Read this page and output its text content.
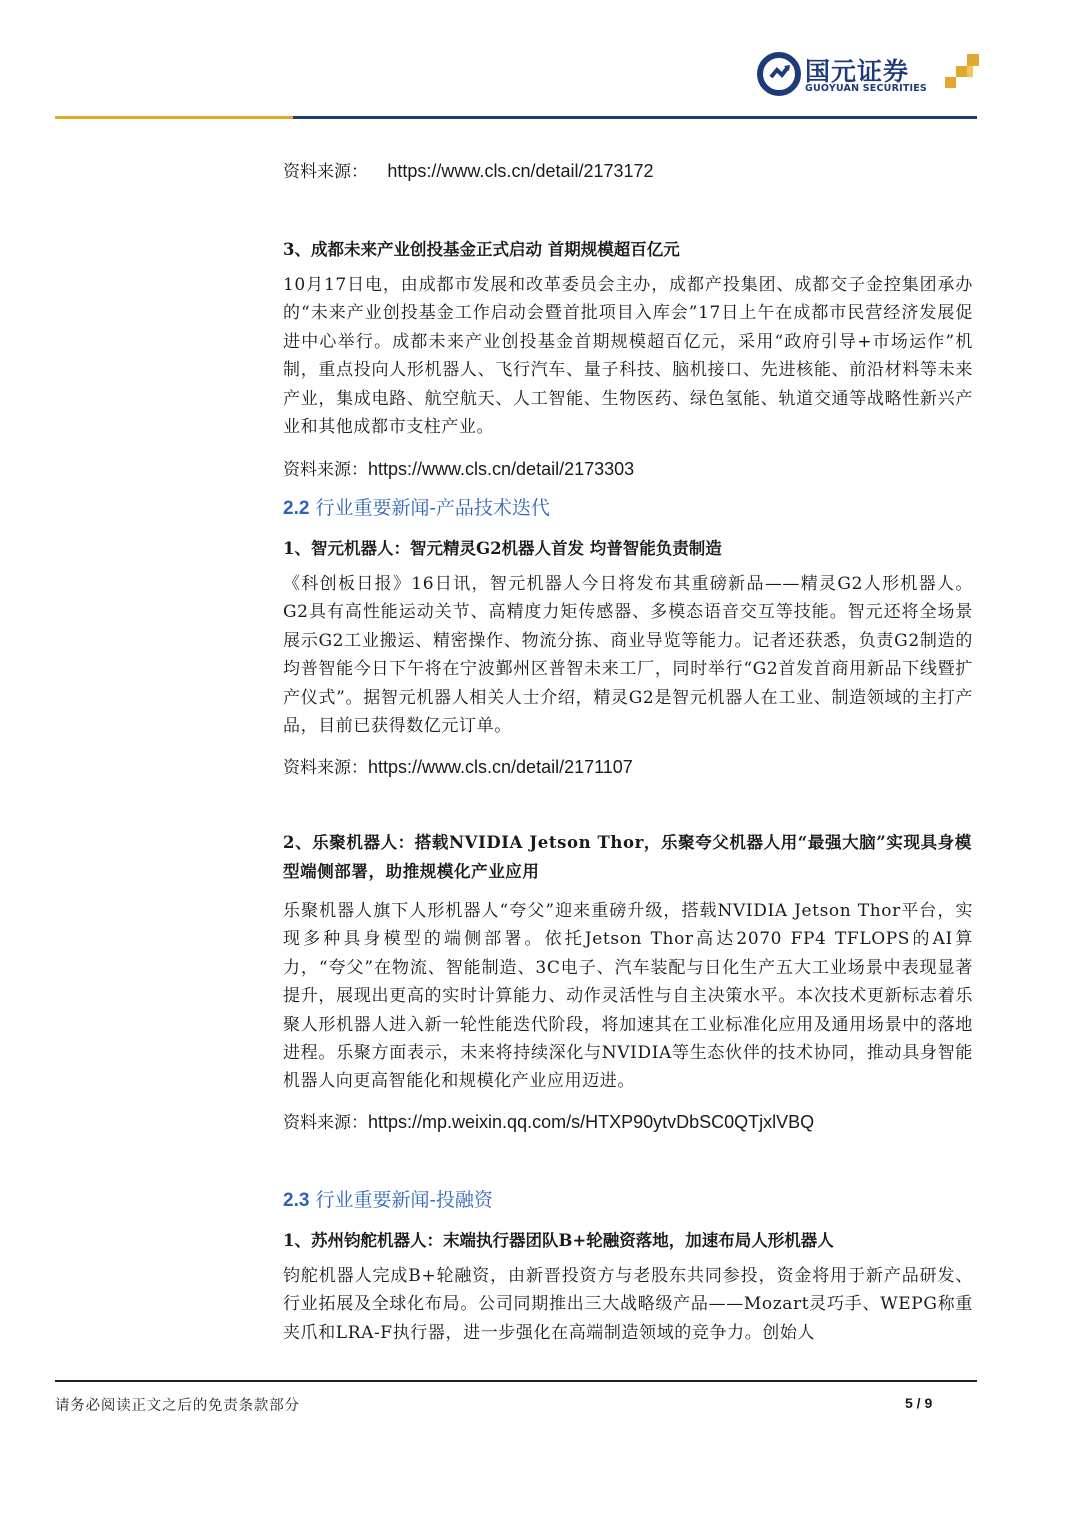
国元证券
GUOYUAN SECURITIES
资料来源： https://www.cls.cn/detail/2173172
3、成都未来产业创投基金正式启动 首期规模超百亿元
10月17日电，由成都市发展和改革委员会主办，成都产投集团、成都交子金控集团承办的“未来产业创投基金工作启动会暨首批项目入库会”17日上午在成都市民营经济发展促进中心举行。成都未来产业创投基金首期规模超百亿元，采用“政府引导+市场运作”机制，重点投向人形机器人、飞行汽车、量子科技、脑机接口、先进核能、前沿材料等未来产业，集成电路、航空航天、人工智能、生物医药、绿色氢能、轨道交通等战略性新兴产业和其他成都市支柱产业。
资料来源：https://www.cls.cn/detail/2173303
2.2 行业重要新闻-产品技术迭代
1、智元机器人：智元精灵G2机器人首发 均普智能负责制造
《科创板日报》16日讯，智元机器人今日将发布其重磅新品——精灵G2人形机器人。G2具有高性能运动关节、高精度力矩传感器、多模态语音交互等技能。智元还将全场景展示G2工业搬运、精密操作、物流分拣、商业导览等能力。记者还获悉，负责G2制造的均普智能今日下午将在宁波鄞州区普智未来工厂，同时举行“G2首发首商用新品下线暨扩产仪式”。据智元机器人相关人士介绍，精灵G2是智元机器人在工业、制造领域的主打产品，目前已获得数亿元订单。
资料来源：https://www.cls.cn/detail/2171107
2、乐聚机器人：搭载NVIDIA Jetson Thor，乐聚夸父机器人用“最强大脑”实现具身模型端侧部署，助推规模化产业应用
乐聚机器人旗下人形机器人“夸父”迎来重磅升级，搭载NVIDIA Jetson Thor平台，实现多种具身模型的端侧部署。依托Jetson Thor高达2070 FP4 TFLOPS的AI算力，“夸父”在物流、智能制造、3C电子、汽车装配与日化生产五大工业场景中表现显著提升，展现出更高的实时计算能力、动作灵活性与自主决策水平。本次技术更新标志着乐聚人形机器人进入新一轮性能迭代阶段，将加速其在工业标准化应用及通用场景中的落地进程。乐聚方面表示，未来将持续深化与NVIDIA等生态伙伴的技术协同，推动具身智能机器人向更高智能化和规模化产业应用迈进。
资料来源：https://mp.weixin.qq.com/s/HTXP90ytvDbSC0QTjxlVBQ
2.3 行业重要新闻-投融资
1、苏州钧舵机器人：末端执行器团队B+轮融资落地，加速布局人形机器人
钧舵机器人完成B+轮融资，由新晋投资方与老股东共同参投，资金将用于新产品研发、行业拓展及全球化布局。公司同期推出三大战略级产品——Mozart灵巧手、WEPG称重夹爪和LRA-F执行器，进一步强化在高端制造领域的竞争力。创始人
请务必阅读正文之后的免责条款部分	5 / 9
